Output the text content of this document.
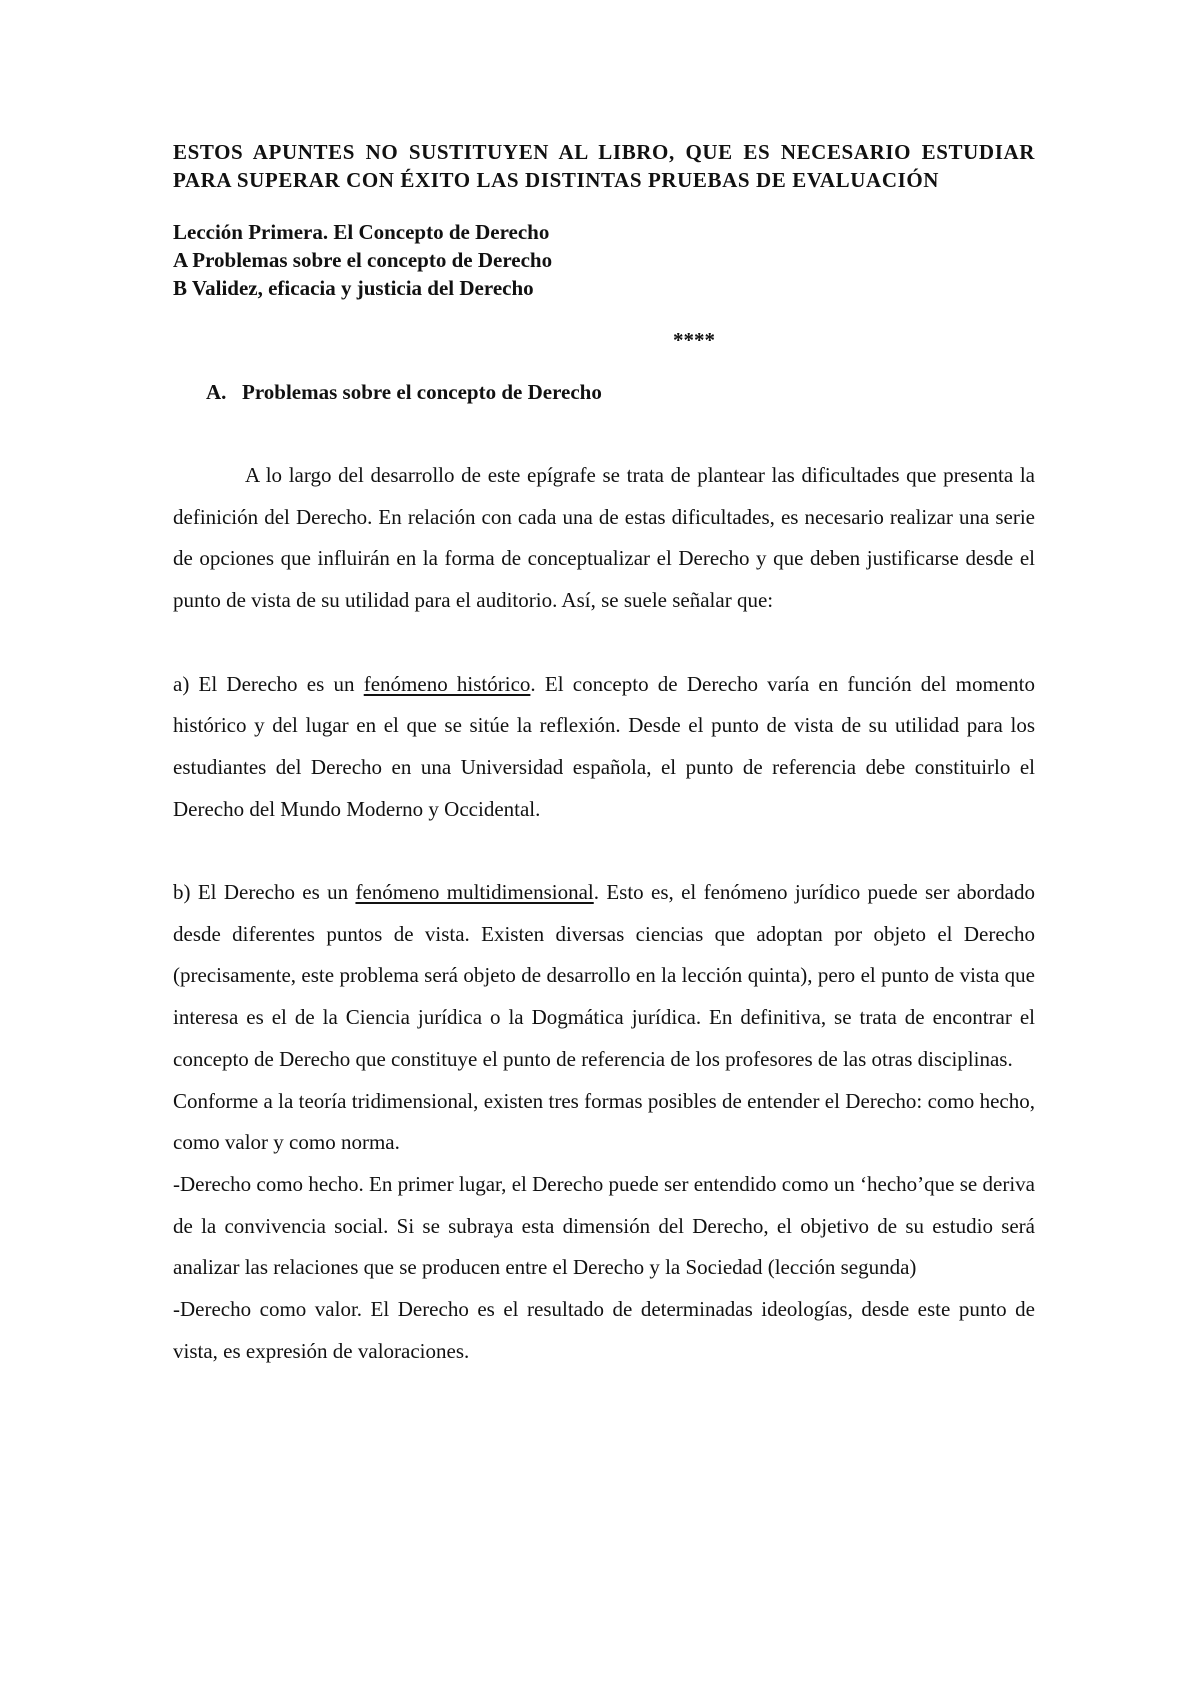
ESTOS APUNTES NO SUSTITUYEN AL LIBRO, QUE ES NECESARIO ESTUDIAR PARA SUPERAR CON ÉXITO LAS DISTINTAS PRUEBAS DE EVALUACIÓN

Lección Primera. El Concepto de Derecho
A Problemas sobre el concepto de Derecho
B Validez, eficacia y justicia del Derecho
****
A. Problemas sobre el concepto de Derecho

A lo largo del desarrollo de este epígrafe se trata de plantear las dificultades que presenta la definición del Derecho. En relación con cada una de estas dificultades, es necesario realizar una serie de opciones que influirán en la forma de conceptualizar el Derecho y que deben justificarse desde el punto de vista de su utilidad para el auditorio. Así, se suele señalar que:

a) El Derecho es un fenómeno histórico. El concepto de Derecho varía en función del momento histórico y del lugar en el que se sitúe la reflexión. Desde el punto de vista de su utilidad para los estudiantes del Derecho en una Universidad española, el punto de referencia debe constituirlo el Derecho del Mundo Moderno y Occidental.

b) El Derecho es un fenómeno multidimensional. Esto es, el fenómeno jurídico puede ser abordado desde diferentes puntos de vista. Existen diversas ciencias que adoptan por objeto el Derecho (precisamente, este problema será objeto de desarrollo en la lección quinta), pero el punto de vista que interesa es el de la Ciencia jurídica o la Dogmática jurídica. En definitiva, se trata de encontrar el concepto de Derecho que constituye el punto de referencia de los profesores de las otras disciplinas.

Conforme a la teoría tridimensional, existen tres formas posibles de entender el Derecho: como hecho, como valor y como norma.

-Derecho como hecho. En primer lugar, el Derecho puede ser entendido como un ‘hecho’que se deriva de la convivencia social. Si se subraya esta dimensión del Derecho, el objetivo de su estudio será analizar las relaciones que se producen entre el Derecho y la Sociedad (lección segunda)

-Derecho como valor. El Derecho es el resultado de determinadas ideologías, desde este punto de vista, es expresión de valoraciones.
